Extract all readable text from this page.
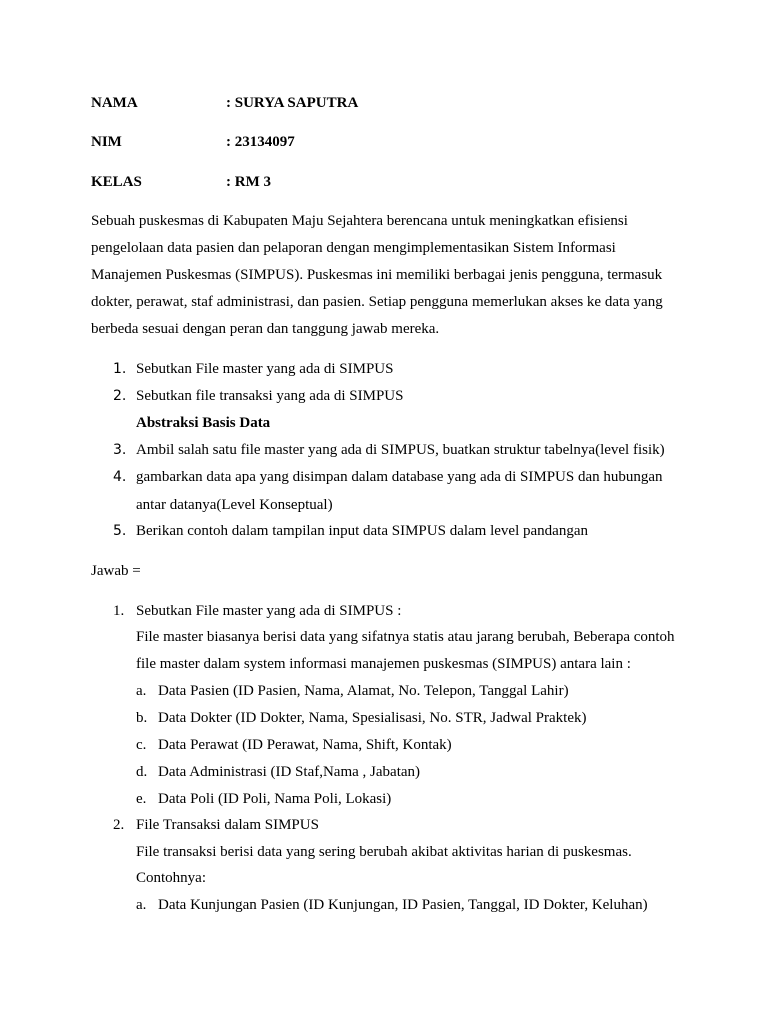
NAMA	: SURYA SAPUTRA
NIM	: 23134097
KELAS	: RM 3
Sebuah puskesmas di Kabupaten Maju Sejahtera berencana untuk meningkatkan efisiensi
pengelolaan data pasien dan pelaporan dengan mengimplementasikan Sistem Informasi
Manajemen Puskesmas (SIMPUS). Puskesmas ini memiliki berbagai jenis pengguna, termasuk
dokter, perawat, staf administrasi, dan pasien. Setiap pengguna memerlukan akses ke data yang
berbeda sesuai dengan peran dan tanggung jawab mereka.
1. Sebutkan File master yang ada di SIMPUS
2. Sebutkan file transaksi yang ada di SIMPUS
Abstraksi Basis Data
3. Ambil salah satu file master yang ada di SIMPUS, buatkan struktur tabelnya(level fisik)
4. gambarkan data apa yang disimpan dalam database yang ada di SIMPUS dan hubungan
antar datanya(Level Konseptual)
5. Berikan contoh dalam tampilan input data SIMPUS dalam level pandangan
Jawab =
1. Sebutkan File master yang ada di SIMPUS :
File master biasanya berisi data yang sifatnya statis atau jarang berubah, Beberapa contoh
file master dalam system informasi manajemen puskesmas (SIMPUS) antara lain :
a. Data Pasien (ID Pasien, Nama, Alamat, No. Telepon, Tanggal Lahir)
b. Data Dokter (ID Dokter, Nama, Spesialisasi, No. STR, Jadwal Praktek)
c. Data Perawat (ID Perawat, Nama, Shift, Kontak)
d. Data Administrasi (ID Staf,Nama , Jabatan)
e. Data Poli (ID Poli, Nama Poli, Lokasi)
2. File Transaksi dalam SIMPUS
File transaksi berisi data yang sering berubah akibat aktivitas harian di puskesmas.
Contohnya:
a. Data Kunjungan Pasien (ID Kunjungan, ID Pasien, Tanggal, ID Dokter, Keluhan)
